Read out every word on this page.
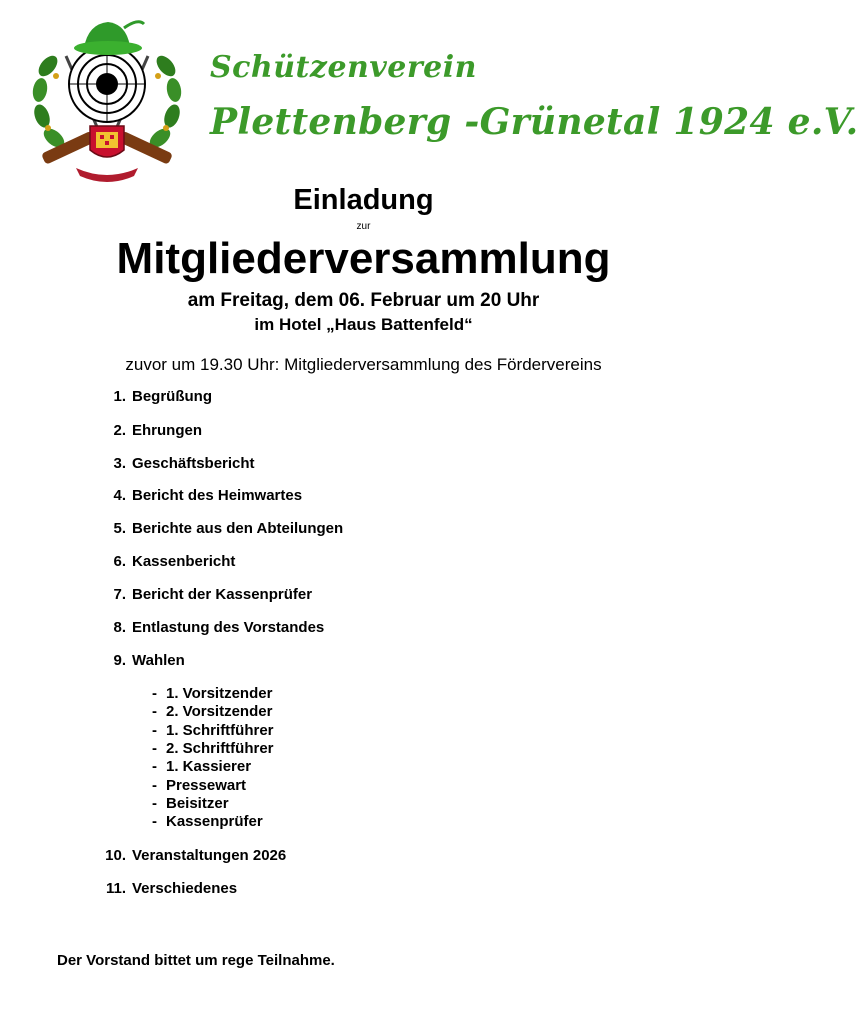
Schützenverein
Plettenberg -Grünetal 1924 e.V.
Einladung
zur
Mitgliederversammlung
am Freitag, dem 06. Februar um 20 Uhr
im Hotel „Haus Battenfeld“
zuvor um 19.30 Uhr: Mitgliederversammlung des Fördervereins
1. Begrüßung
2. Ehrungen
3. Geschäftsbericht
4. Bericht des Heimwartes
5. Berichte aus den Abteilungen
6. Kassenbericht
7. Bericht der Kassenprüfer
8. Entlastung des Vorstandes
9. Wahlen
- 1. Vorsitzender
- 2. Vorsitzender
- 1. Schriftführer
- 2. Schriftführer
- 1. Kassierer
- Pressewart
- Beisitzer
- Kassenprüfer
10. Veranstaltungen 2026
11. Verschiedenes
Der Vorstand bittet um rege Teilnahme.
